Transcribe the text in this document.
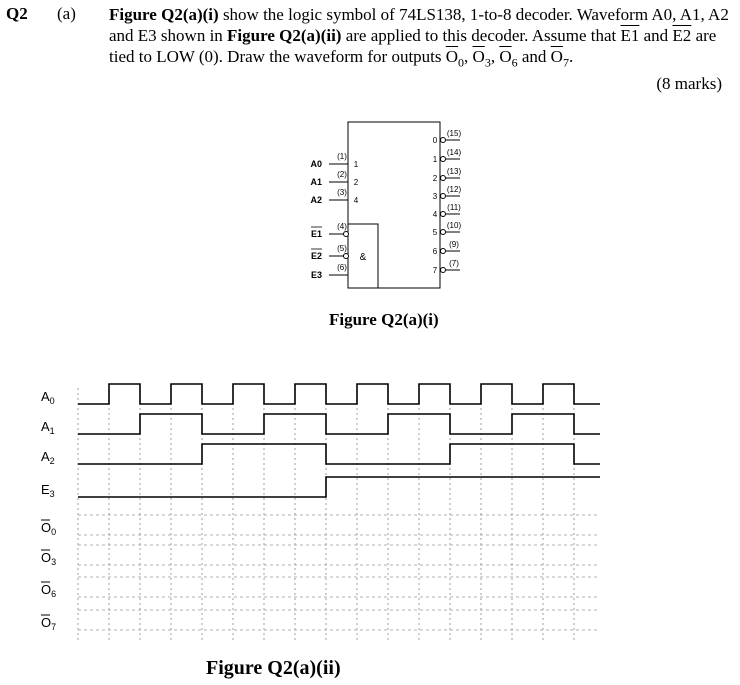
Q2 (a) Figure Q2(a)(i) show the logic symbol of 74LS138, 1-to-8 decoder. Waveform A0, A1, A2 and E3 shown in Figure Q2(a)(ii) are applied to this decoder. Assume that E1 and E2 are tied to LOW (0). Draw the waveform for outputs $\overline{O}_0$, $\overline{O}_3$, $\overline{O}_6$ and $\overline{O}_7$.
(8 marks)
&
A0
(1)
1
A1
(2)
2
A2
(3)
4
E1
(4)
E2
(5)
E3
(6)
0
(15)
1
(14)
2
(13)
3
(12)
4
(11)
5
(10)
6
(9)
7
(7)
$A_0$
$A_1$
$A_2$
$E_3$
$O_0$
$O_3$
$O_6$
$O_7$
Figure Q2(a)(i)
Figure Q2(a)(ii)
